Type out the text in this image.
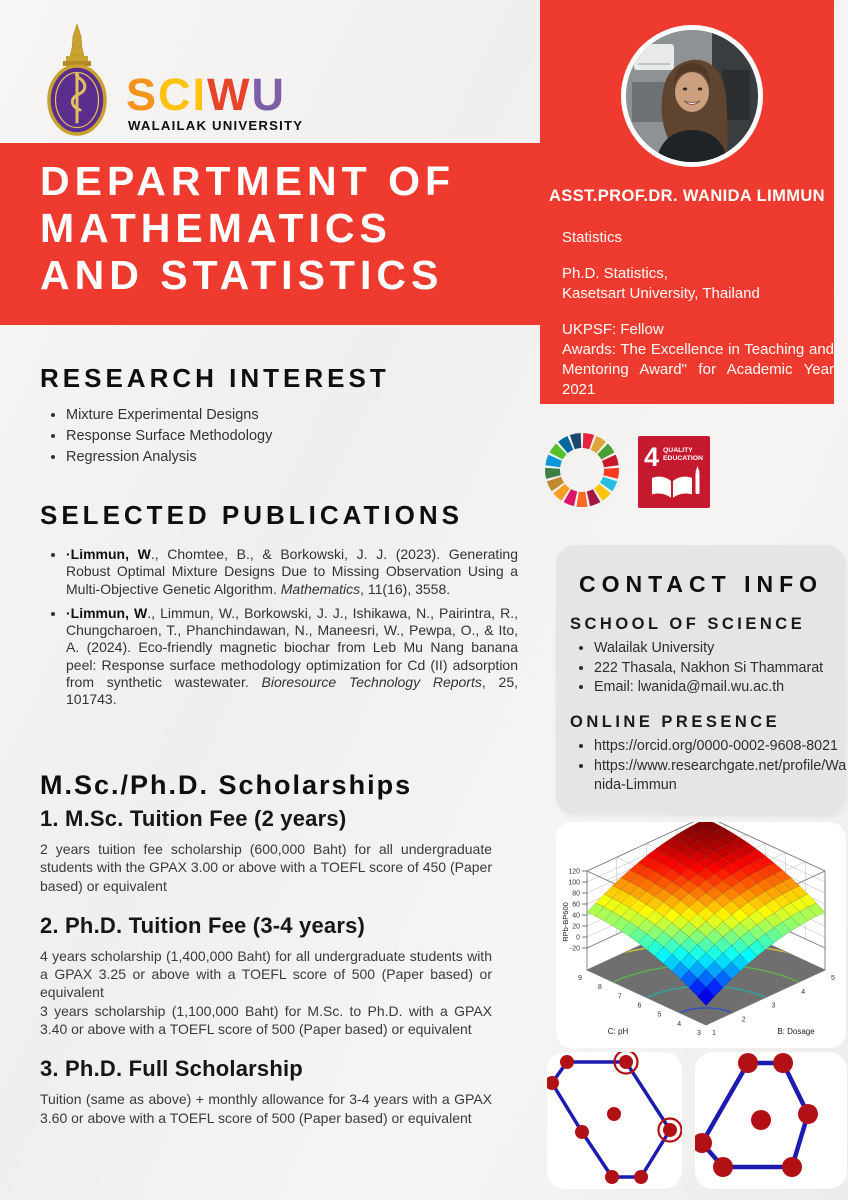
SCIWU
WALAILAK UNIVERSITY
DEPARTMENT OF
MATHEMATICS
AND STATISTICS
ASST.PROF.DR. WANIDA LIMMUN
Statistics
Ph.D. Statistics,
Kasetsart University, Thailand
UKPSF: Fellow
Awards: The Excellence in Teaching and Mentoring Award" for Academic Year 2021
4 QUALITY
EDUCATION
RESEARCH INTEREST
• Mixture Experimental Designs
• Response Surface Methodology
• Regression Analysis
SELECTED PUBLICATIONS
• ·Limmun, W., Chomtee, B., & Borkowski, J. J. (2023). Generating Robust Optimal Mixture Designs Due to Missing Observation Using a Multi-Objective Genetic Algorithm. Mathematics, 11(16), 3558.
• ·Limmun, W., Limmun, W., Borkowski, J. J., Ishikawa, N., Pairintra, R., Chungcharoen, T., Phanchindawan, N., Maneesri, W., Pewpa, O., & Ito, A. (2024). Eco-friendly magnetic biochar from Leb Mu Nang banana peel: Response surface methodology optimization for Cd (II) adsorption from synthetic wastewater. Bioresource Technology Reports, 25, 101743.
M.Sc./Ph.D. Scholarships
1. M.Sc. Tuition Fee (2 years)

2 years tuition fee scholarship (600,000 Baht) for all undergraduate students with the GPAX 3.00 or above with a TOEFL score of 450 (Paper based) or equivalent

2. Ph.D. Tuition Fee (3-4 years)

4 years scholarship (1,400,000 Baht) for all undergraduate students with a GPAX 3.25 or above with a TOEFL score of 500 (Paper based) or equivalent

3 years scholarship (1,100,000 Baht) for M.Sc. to Ph.D. with a GPAX 3.40 or above with a TOEFL score of 500 (Paper based) or equivalent

3. Ph.D. Full Scholarship

Tuition (same as above) + monthly allowance for 3-4 years with a GPAX 3.60 or above with a TOEFL score of 500 (Paper based) or equivalent

CONTACT INFO
SCHOOL OF SCIENCE
• Walailak University
• 222 Thasala, Nakhon Si Thammarat
• Email: lwanida@mail.wu.ac.th
ONLINE PRESENCE
• https://orcid.org/0000-0002-9608-8021
• https://www.researchgate.net/profile/Wanida-Limmun
-20
0
20
40
60
80
100
120
9
8
7
6
5
4
3 1
2
3
4
5
C: pH	B: Dosage
RPb-BP600
